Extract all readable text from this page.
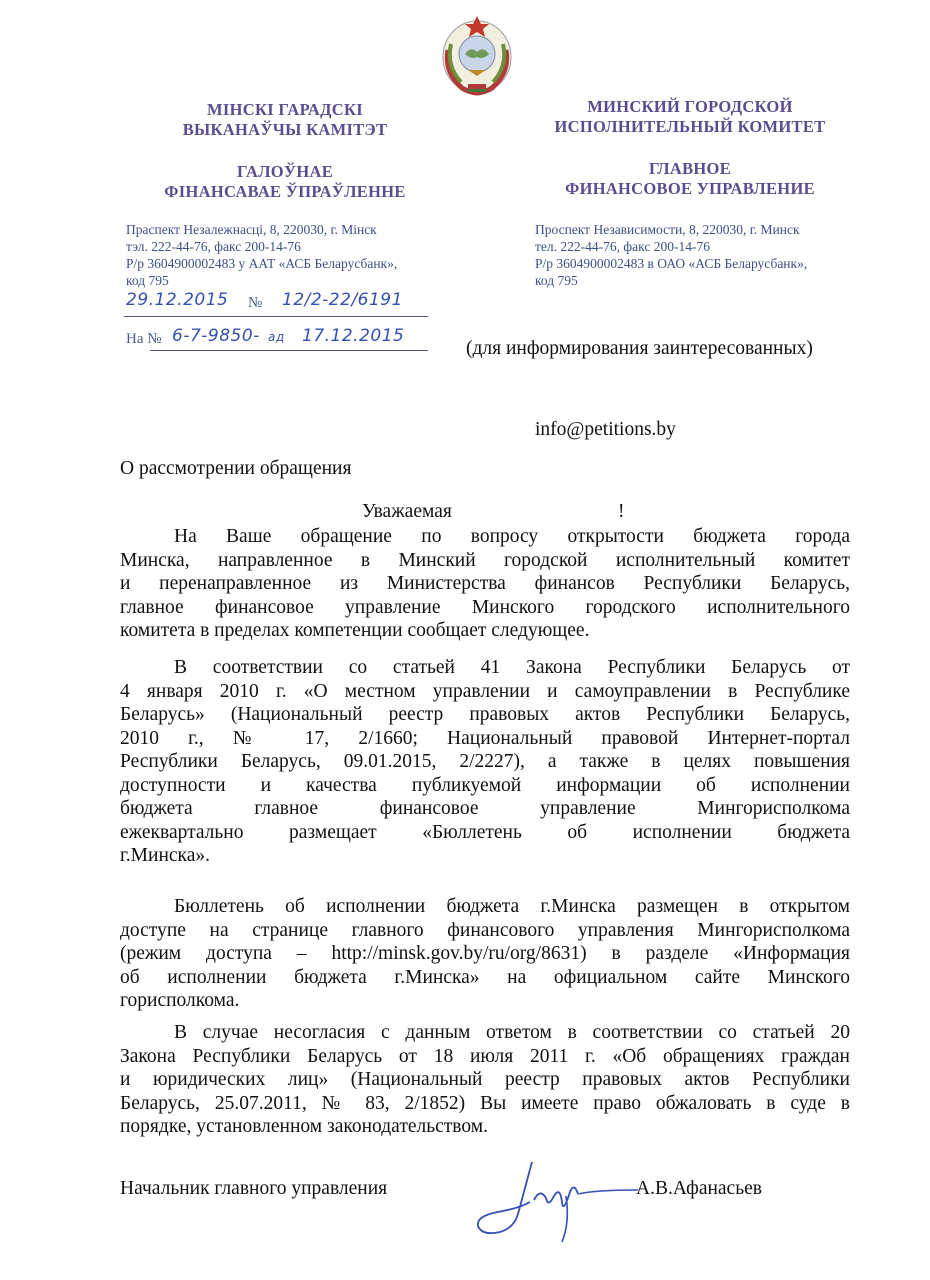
МІНСКІ ГАРАДСКІ
ВЫКАНАЎЧЫ КАМІТЭТ
ГАЛОЎНАЕ
ФІНАНСАВАЕ ЎПРАЎЛЕННЕ
Праспект Незалежнасці, 8, 220030, г. Мінск
тэл. 222-44-76, факс 200-14-76
Р/р 3604900002483 у ААТ «АСБ Беларусбанк»,
код 795
МИНСКИЙ ГОРОДСКОЙ
ИСПОЛНИТЕЛЬНЫЙ КОМИТЕТ
ГЛАВНОЕ
ФИНАНСОВОЕ УПРАВЛЕНИЕ
Проспект Независимости, 8, 220030, г. Минск
тел. 222-44-76, факс 200-14-76
Р/р 3604900002483 в ОАО «АСБ Беларусбанк»,
код 795
29.12.2015 № 12/2-22/6191
На № 6-7-9850- ад 17.12.2015
(для информирования заинтересованных)
info@petitions.by
О рассмотрении обращения
Уважаемая	!
На Ваше обращение по вопросу открытости бюджета города
Минска, направленное в Минский городской исполнительный комитет
и перенаправленное из Министерства финансов Республики Беларусь,
главное финансовое управление Минского городского исполнительного
комитета в пределах компетенции сообщает следующее.
В соответствии со статьей 41 Закона Республики Беларусь от
4 января 2010 г. «О местном управлении и самоуправлении в Республике
Беларусь» (Национальный реестр правовых актов Республики Беларусь,
2010 г., № 17, 2/1660; Национальный правовой Интернет-портал
Республики Беларусь, 09.01.2015, 2/2227), а также в целях повышения
доступности и качества публикуемой информации об исполнении
бюджета главное финансовое управление Мингорисполкома
ежеквартально размещает «Бюллетень об исполнении бюджета
г.Минска».
Бюллетень об исполнении бюджета г.Минска размещен в открытом
доступе на странице главного финансового управления Мингорисполкома
(режим доступа – http://minsk.gov.by/ru/org/8631) в разделе «Информация
об исполнении бюджета г.Минска» на официальном сайте Минского
горисполкома.
В случае несогласия с данным ответом в соответствии со статьей 20
Закона Республики Беларусь от 18 июля 2011 г. «Об обращениях граждан
и юридических лиц» (Национальный реестр правовых актов Республики
Беларусь, 25.07.2011, № 83, 2/1852) Вы имеете право обжаловать в суде в
порядке, установленном законодательством.
Начальник главного управления	А.В.Афанасьев
